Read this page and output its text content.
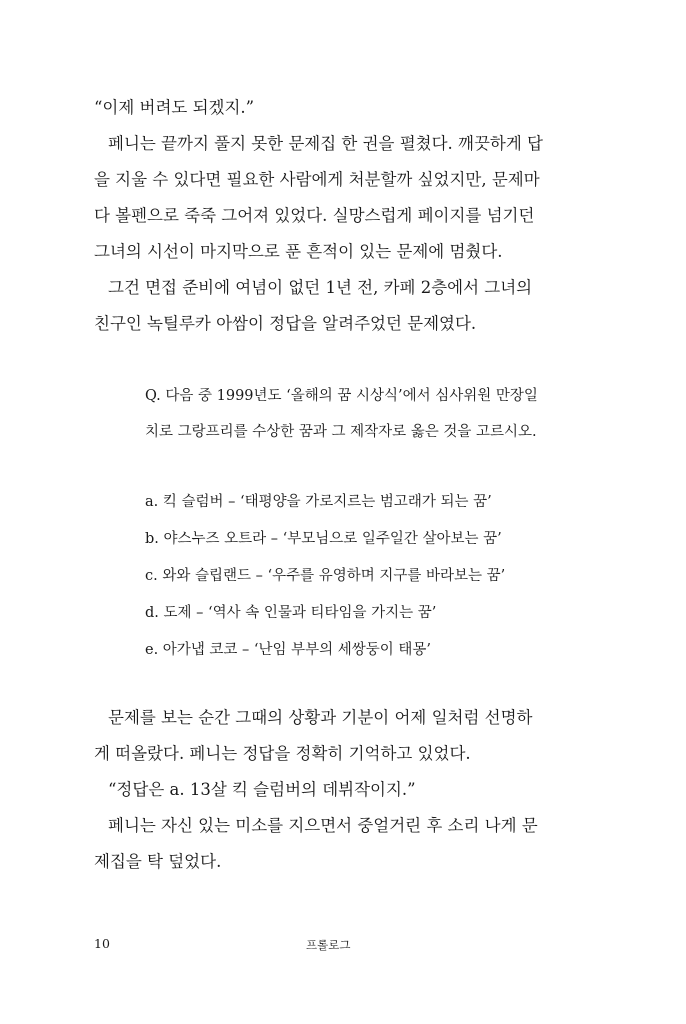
“이제 버려도 되겠지.”
페니는 끝까지 풀지 못한 문제집 한 권을 펼쳤다. 깨끗하게 답
을 지울 수 있다면 필요한 사람에게 처분할까 싶었지만, 문제마
다 볼펜으로 죽죽 그어져 있었다. 실망스럽게 페이지를 넘기던
그녀의 시선이 마지막으로 푼 흔적이 있는 문제에 멈췄다.
그건 면접 준비에 여념이 없던 1년 전, 카페 2층에서 그녀의
친구인 녹틸루카 아쌈이 정답을 알려주었던 문제였다.
Q. 다음 중 1999년도 ‘올해의 꿈 시상식’에서 심사위원 만장일
치로 그랑프리를 수상한 꿈과 그 제작자로 옳은 것을 고르시오.
a. 킥 슬럼버 – ‘태평양을 가로지르는 범고래가 되는 꿈’
b. 야스누즈 오트라 – ‘부모님으로 일주일간 살아보는 꿈’
c. 와와 슬립랜드 – ‘우주를 유영하며 지구를 바라보는 꿈’
d. 도제 – ‘역사 속 인물과 티타임을 가지는 꿈’
e. 아가냅 코코 – ‘난임 부부의 세쌍둥이 태몽’
문제를 보는 순간 그때의 상황과 기분이 어제 일처럼 선명하
게 떠올랐다. 페니는 정답을 정확히 기억하고 있었다.
“정답은 a. 13살 킥 슬럼버의 데뷔작이지.”
페니는 자신 있는 미소를 지으면서 중얼거린 후 소리 나게 문
제집을 탁 덮었다.
10	프롤로그
